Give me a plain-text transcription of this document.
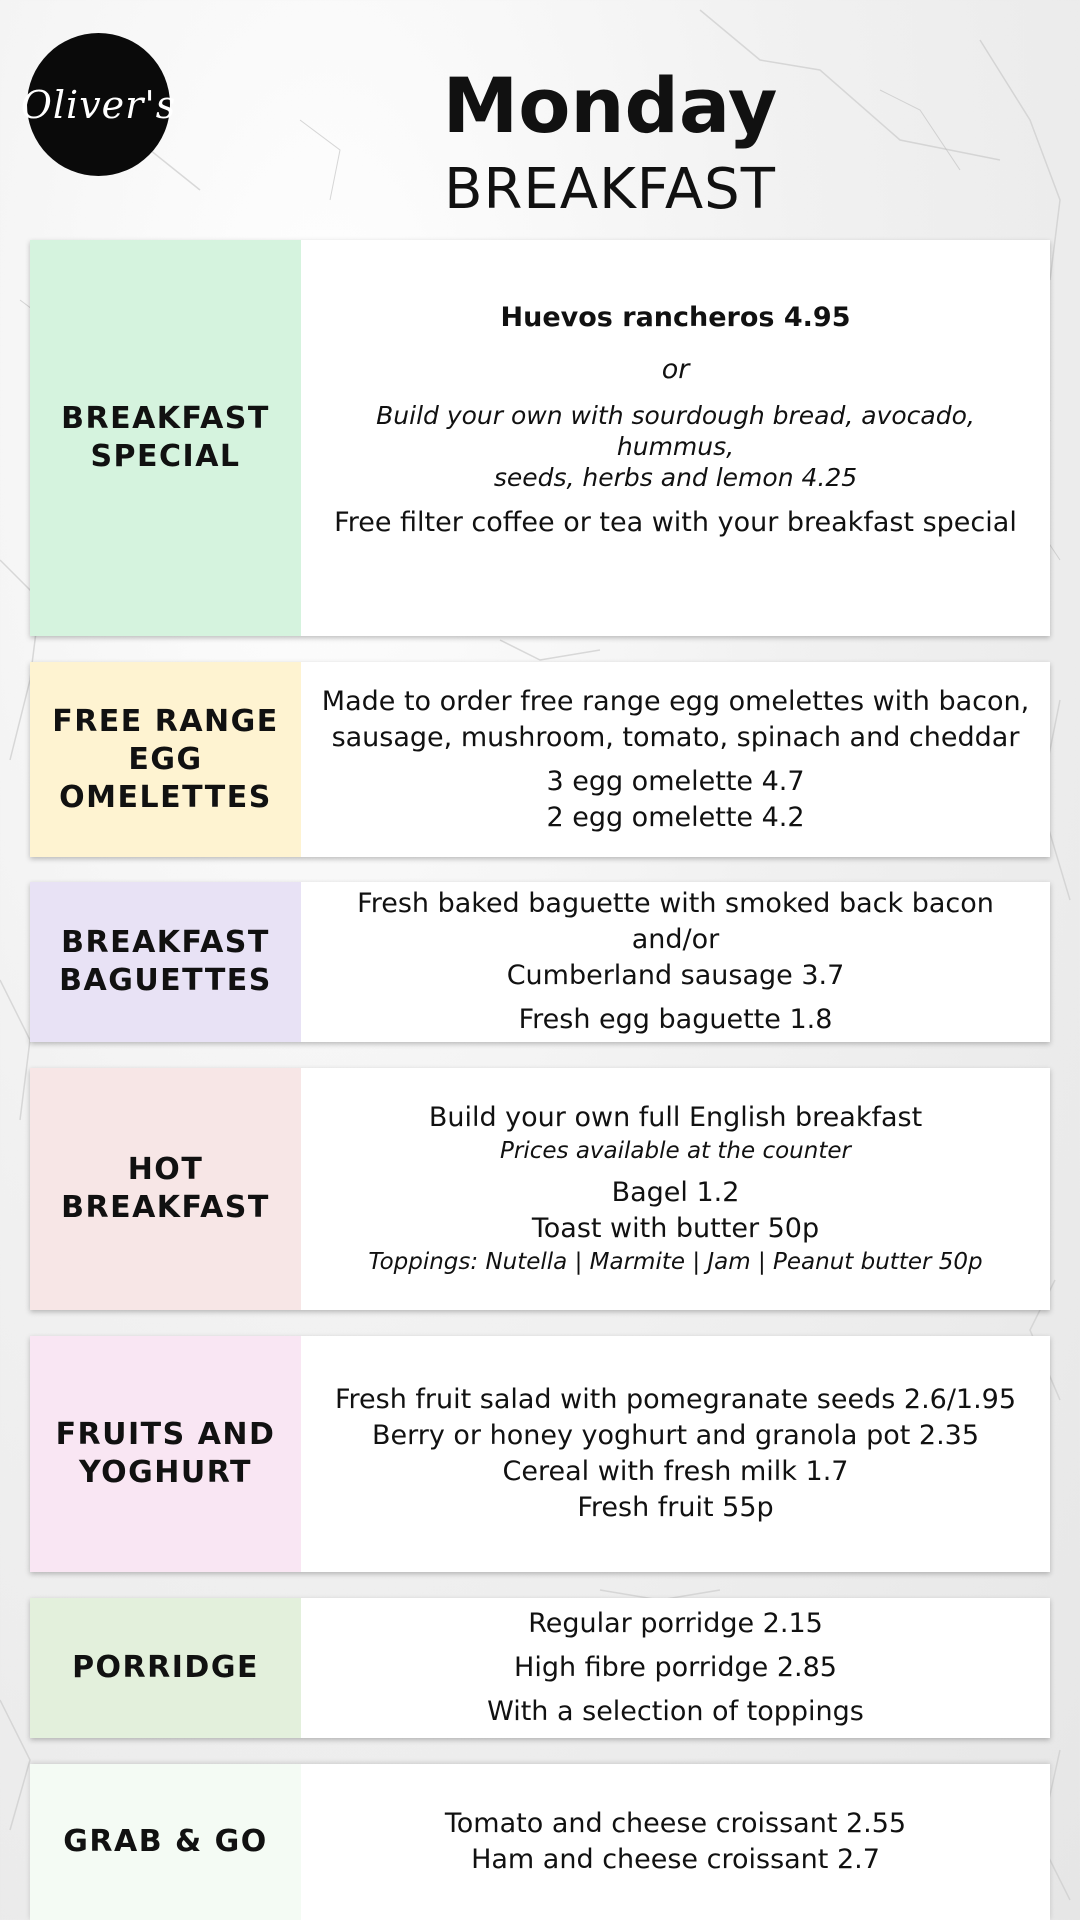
Oliver's	Monday
BREAKFAST
BREAKFAST
SPECIAL
Huevos rancheros 4.95
or
Build your own with sourdough bread, avocado, hummus,
seeds, herbs and lemon 4.25
Free filter coffee or tea with your breakfast special
FREE RANGE
EGG
OMELETTES
Made to order free range egg omelettes with bacon,
sausage, mushroom, tomato, spinach and cheddar
3 egg omelette 4.7
2 egg omelette 4.2
BREAKFAST
BAGUETTES
Fresh baked baguette with smoked back bacon and/or
Cumberland sausage 3.7
Fresh egg baguette 1.8
HOT
BREAKFAST
Build your own full English breakfast
Prices available at the counter
Bagel 1.2
Toast with butter 50p
Toppings: Nutella | Marmite | Jam | Peanut butter 50p
FRUITS AND
YOGHURT
Fresh fruit salad with pomegranate seeds 2.6/1.95
Berry or honey yoghurt and granola pot 2.35
Cereal with fresh milk 1.7
Fresh fruit 55p
PORRIDGE
Regular porridge 2.15
High fibre porridge 2.85
With a selection of toppings
GRAB & GO
Tomato and cheese croissant 2.55
Ham and cheese croissant 2.7
